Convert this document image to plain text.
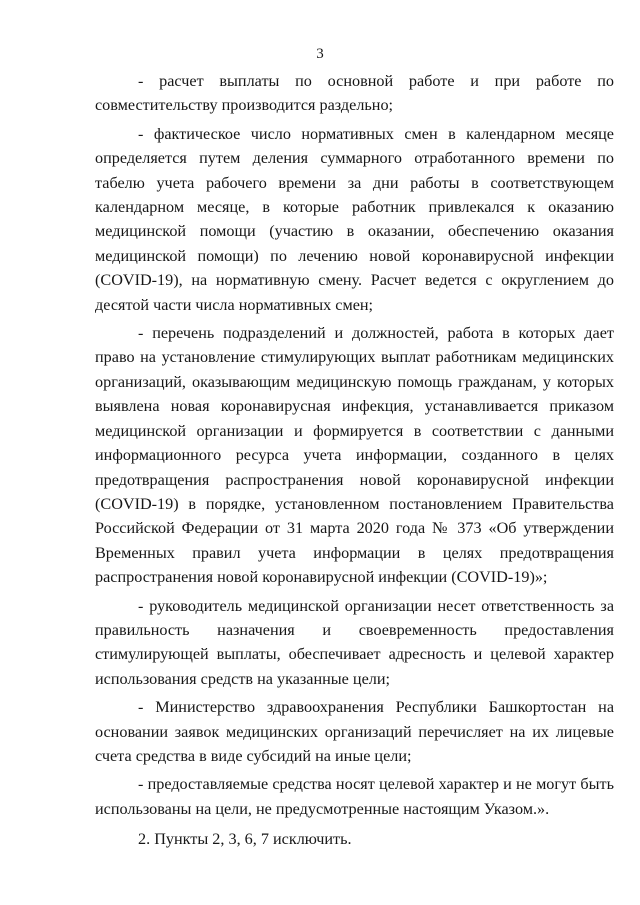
3

- расчет выплаты по основной работе и при работе по совместительству производится раздельно;

- фактическое число нормативных смен в календарном месяце определяется путем деления суммарного отработанного времени по табелю учета рабочего времени за дни работы в соответствующем календарном месяце, в которые работник привлекался к оказанию медицинской помощи (участию в оказании, обеспечению оказания медицинской помощи) по лечению новой коронавирусной инфекции (COVID-19), на нормативную смену. Расчет ведется с округлением до десятой части числа нормативных смен;

- перечень подразделений и должностей, работа в которых дает право на установление стимулирующих выплат работникам медицинских организаций, оказывающим медицинскую помощь гражданам, у которых выявлена новая коронавирусная инфекция, устанавливается приказом медицинской организации и формируется в соответствии с данными информационного ресурса учета информации, созданного в целях предотвращения распространения новой коронавирусной инфекции (COVID-19) в порядке, установленном постановлением Правительства Российской Федерации от 31 марта 2020 года № 373 «Об утверждении Временных правил учета информации в целях предотвращения распространения новой коронавирусной инфекции (COVID-19)»;

- руководитель медицинской организации несет ответственность за правильность назначения и своевременность предоставления стимулирующей выплаты, обеспечивает адресность и целевой характер использования средств на указанные цели;

- Министерство здравоохранения Республики Башкортостан на основании заявок медицинских организаций перечисляет на их лицевые счета средства в виде субсидий на иные цели;

- предоставляемые средства носят целевой характер и не могут быть использованы на цели, не предусмотренные настоящим Указом.».

2. Пункты 2, 3, 6, 7 исключить.
